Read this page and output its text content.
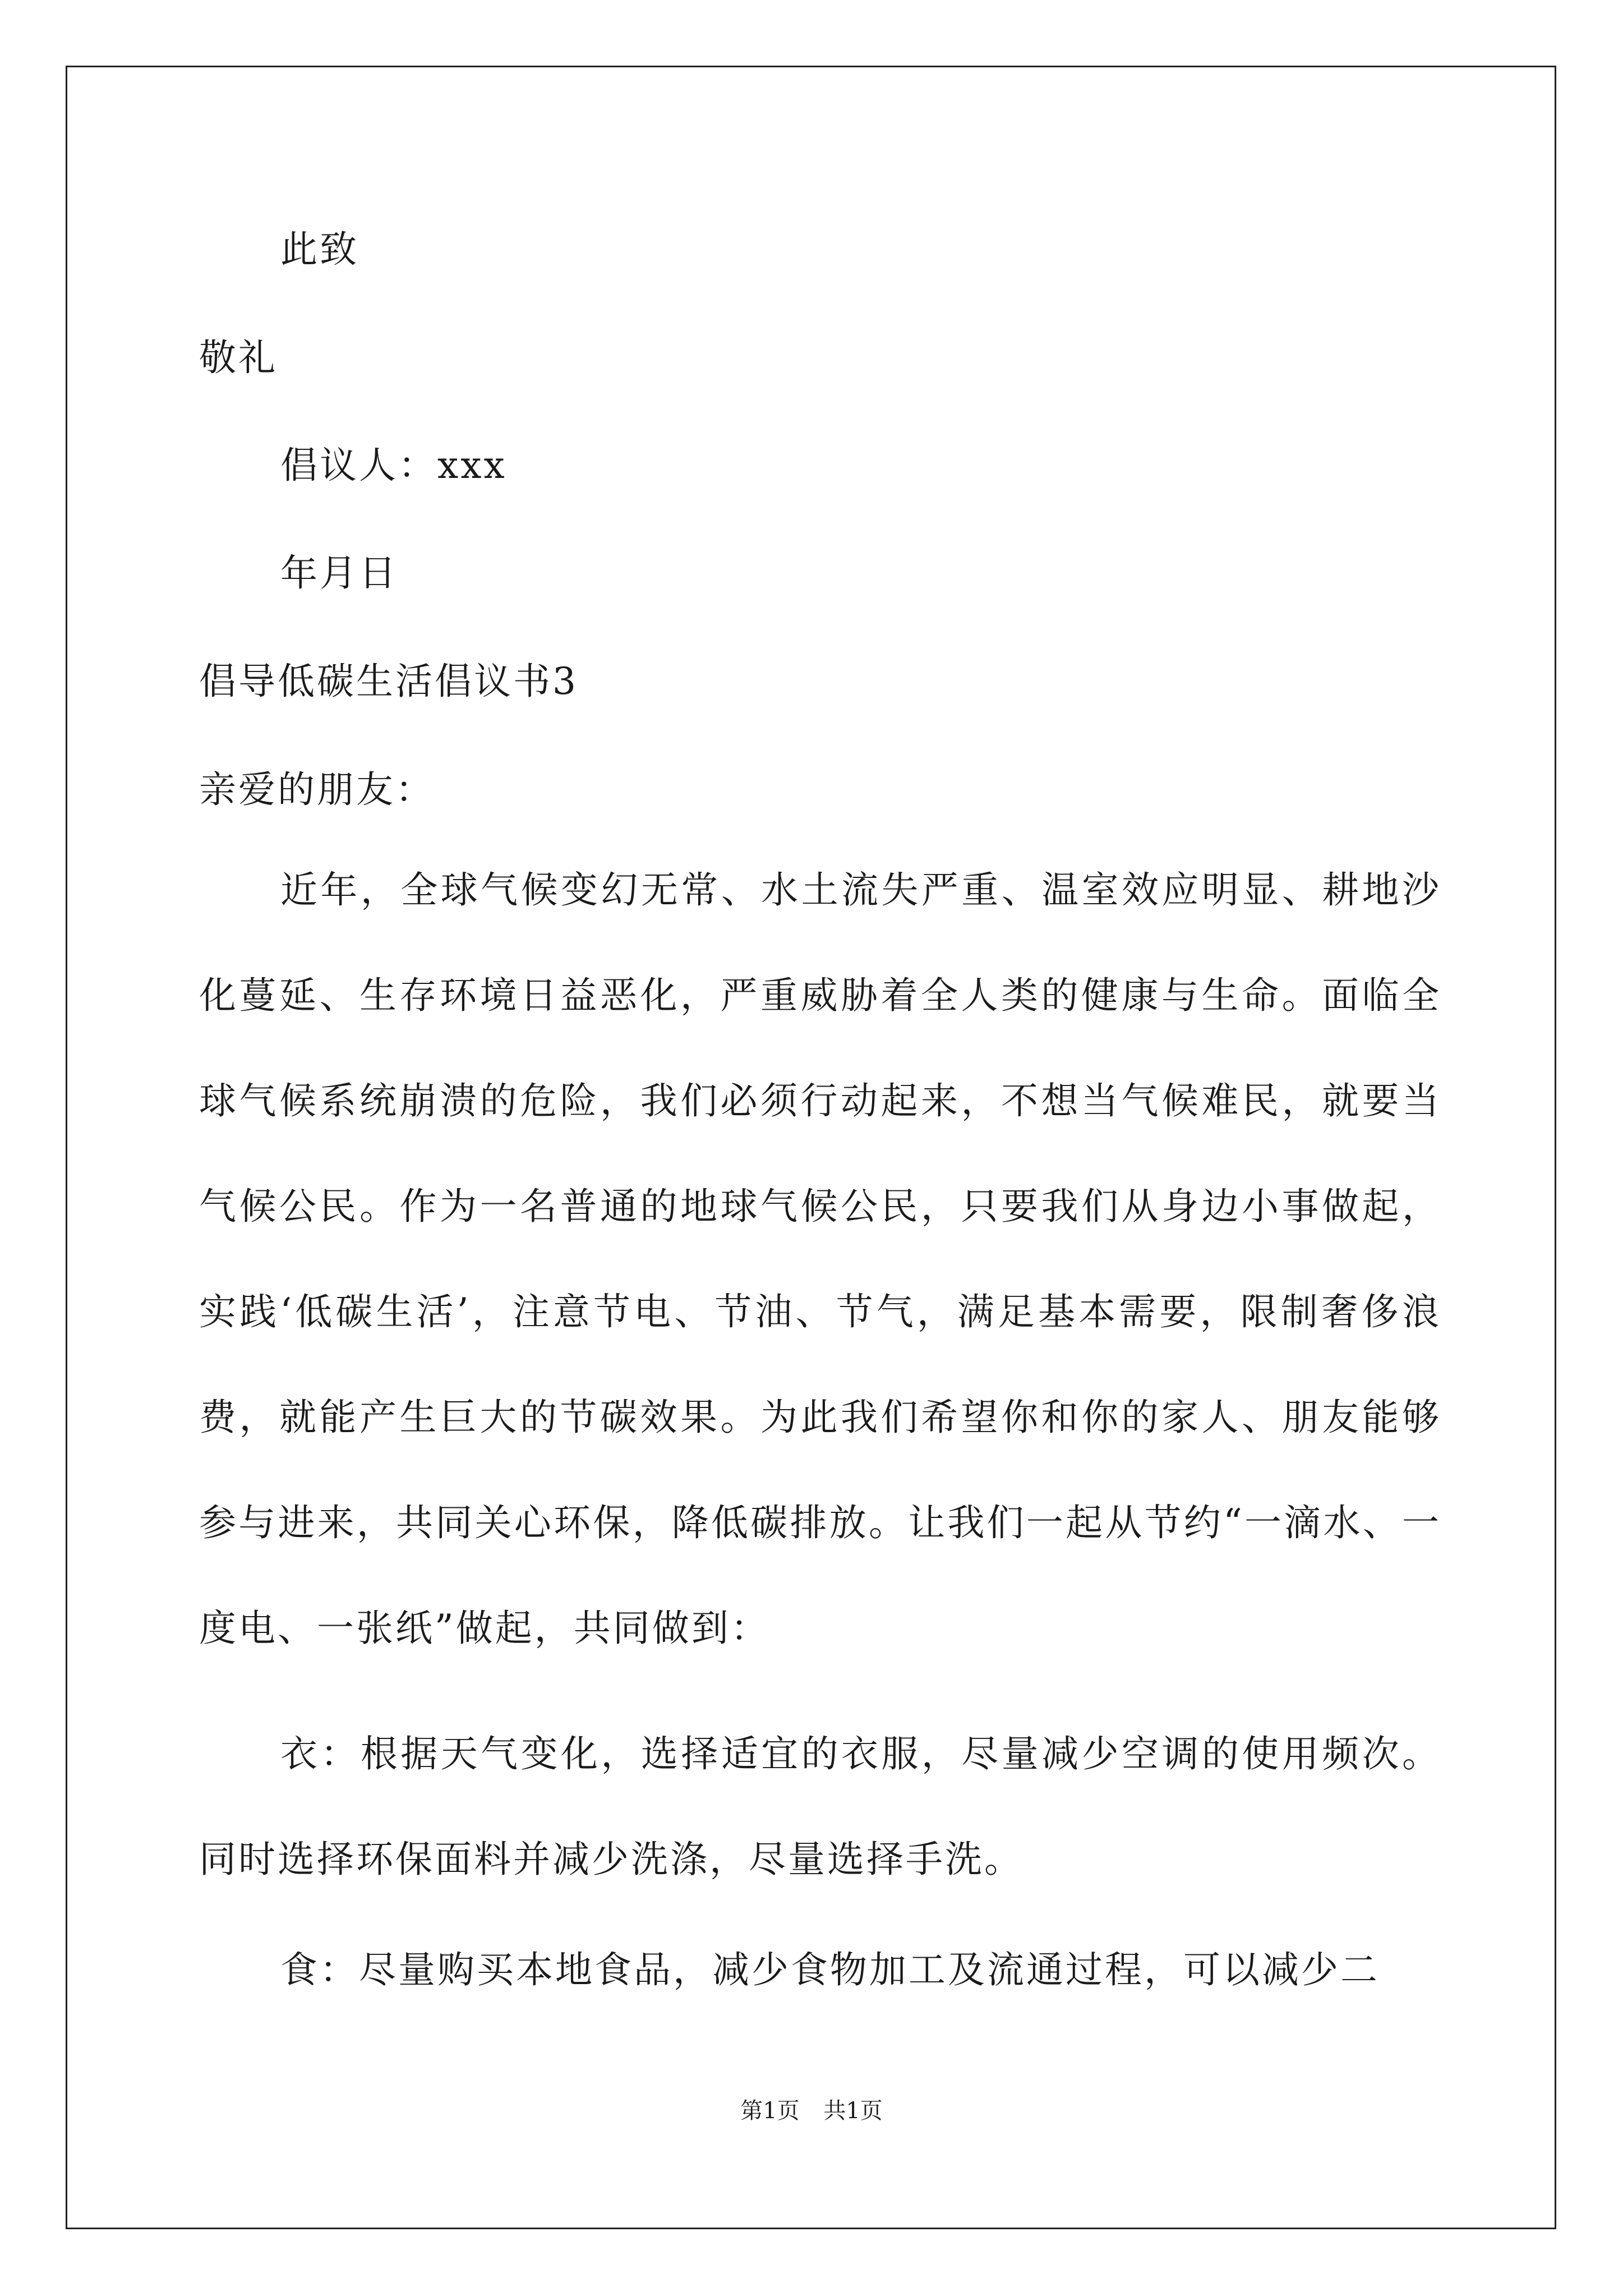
此致
敬礼
倡议人：xxx
年月日
倡导低碳生活倡议书3
亲爱的朋友：

近年，全球气候变幻无常、水土流失严重、温室效应明显、耕地沙化蔓延、生存环境日益恶化，严重威胁着全人类的健康与生命。面临全球气候系统崩溃的危险，我们必须行动起来，不想当气候难民，就要当气候公民。作为一名普通的地球气候公民，只要我们从身边小事做起，实践‘低碳生活’，注意节电、节油、节气，满足基本需要，限制奢侈浪费，就能产生巨大的节碳效果。为此我们希望你和你的家人、朋友能够参与进来，共同关心环保，降低碳排放。让我们一起从节约“一滴水、一度电、一张纸”做起，共同做到：

衣：根据天气变化，选择适宜的衣服，尽量减少空调的使用频次。同时选择环保面料并减少洗涤，尽量选择手洗。

食：尽量购买本地食品，减少食物加工及流通过程，可以减少二

第1页 共1页
